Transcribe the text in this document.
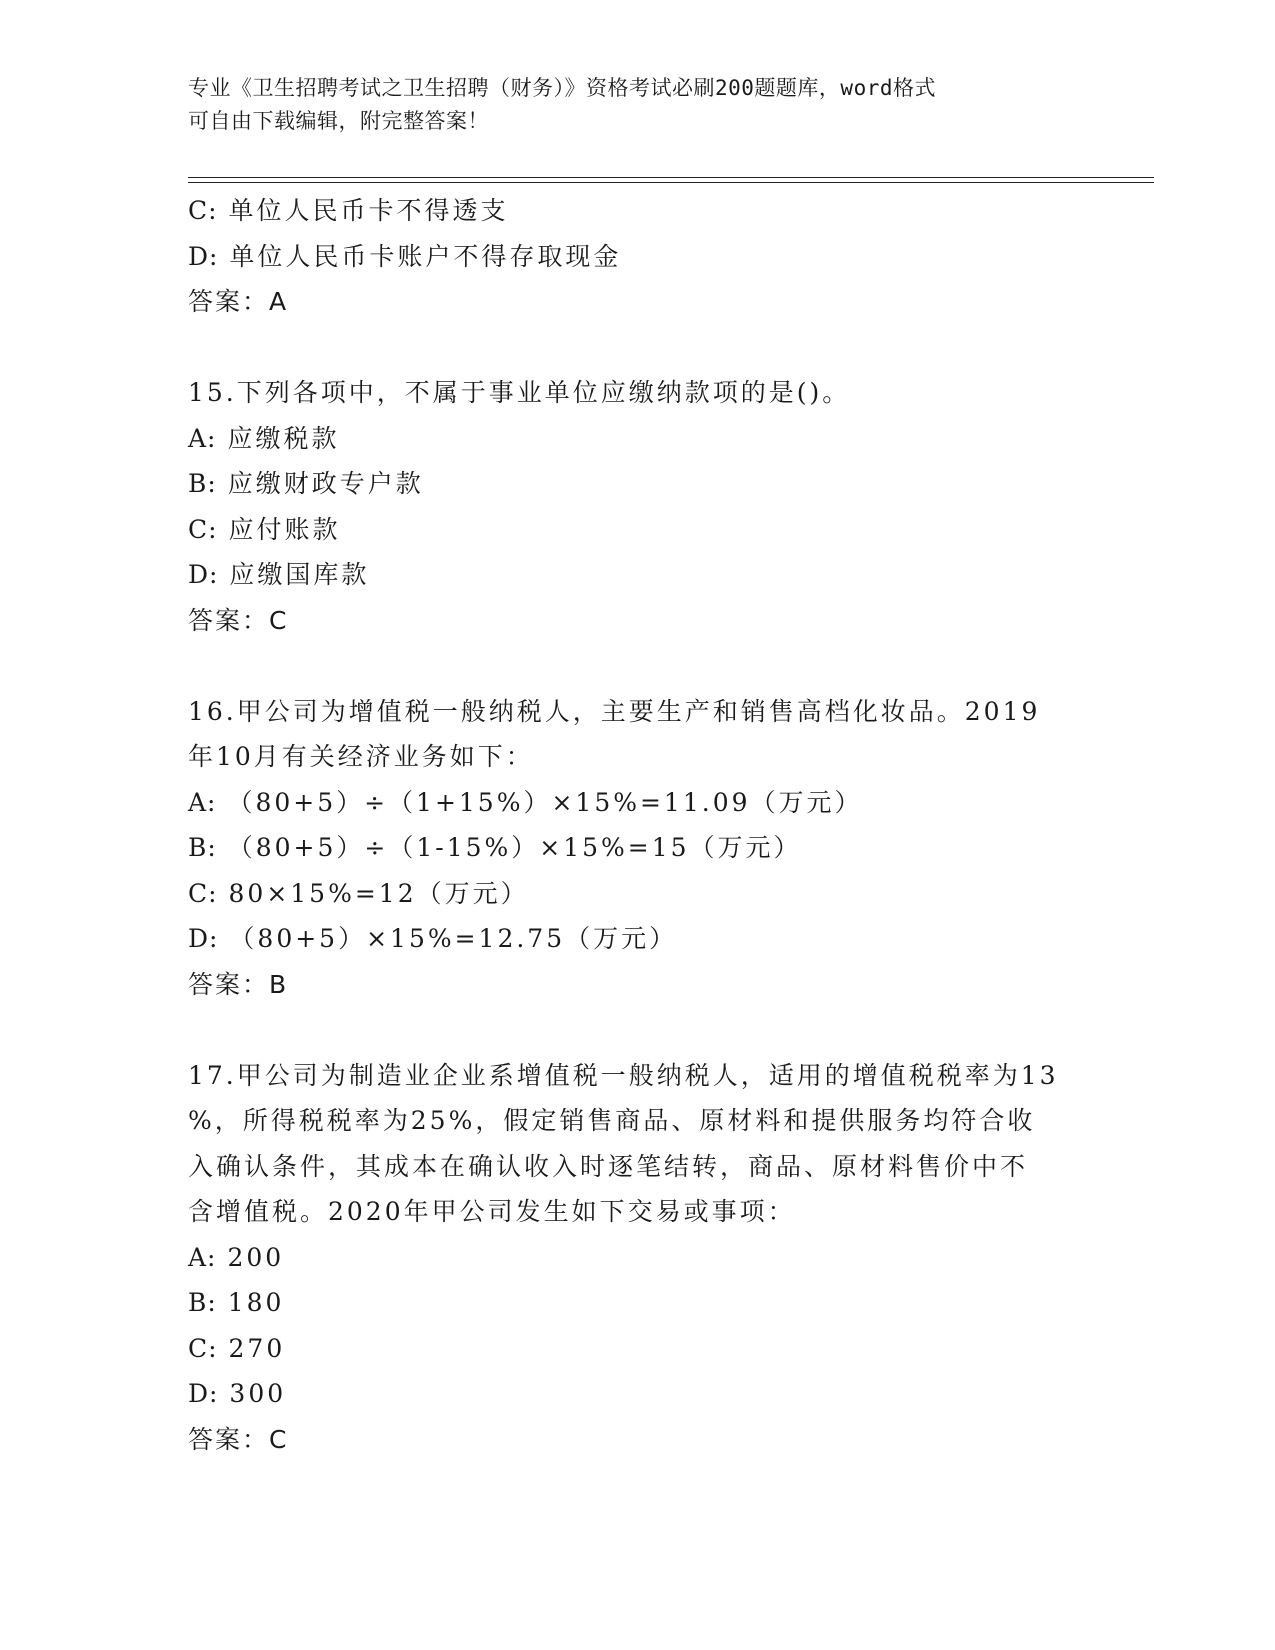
专业《卫生招聘考试之卫生招聘（财务）》资格考试必刷200题题库，word格式
可自由下载编辑，附完整答案！
C: 单位人民币卡不得透支
D: 单位人民币卡账户不得存取现金
答案：A
15.下列各项中，不属于事业单位应缴纳款项的是()。
A: 应缴税款
B: 应缴财政专户款
C: 应付账款
D: 应缴国库款
答案：C
16.甲公司为增值税一般纳税人，主要生产和销售高档化妆品。2019
年10月有关经济业务如下：
A: （80+5）÷（1+15%）×15%=11.09（万元）
B: （80+5）÷（1-15%）×15%=15（万元）
C: 80×15%=12（万元）
D: （80+5）×15%=12.75（万元）
答案：B
17.甲公司为制造业企业系增值税一般纳税人，适用的增值税税率为13
%，所得税税率为25%，假定销售商品、原材料和提供服务均符合收
入确认条件，其成本在确认收入时逐笔结转，商品、原材料售价中不
含增值税。2020年甲公司发生如下交易或事项：
A: 200
B: 180
C: 270
D: 300
答案：C
